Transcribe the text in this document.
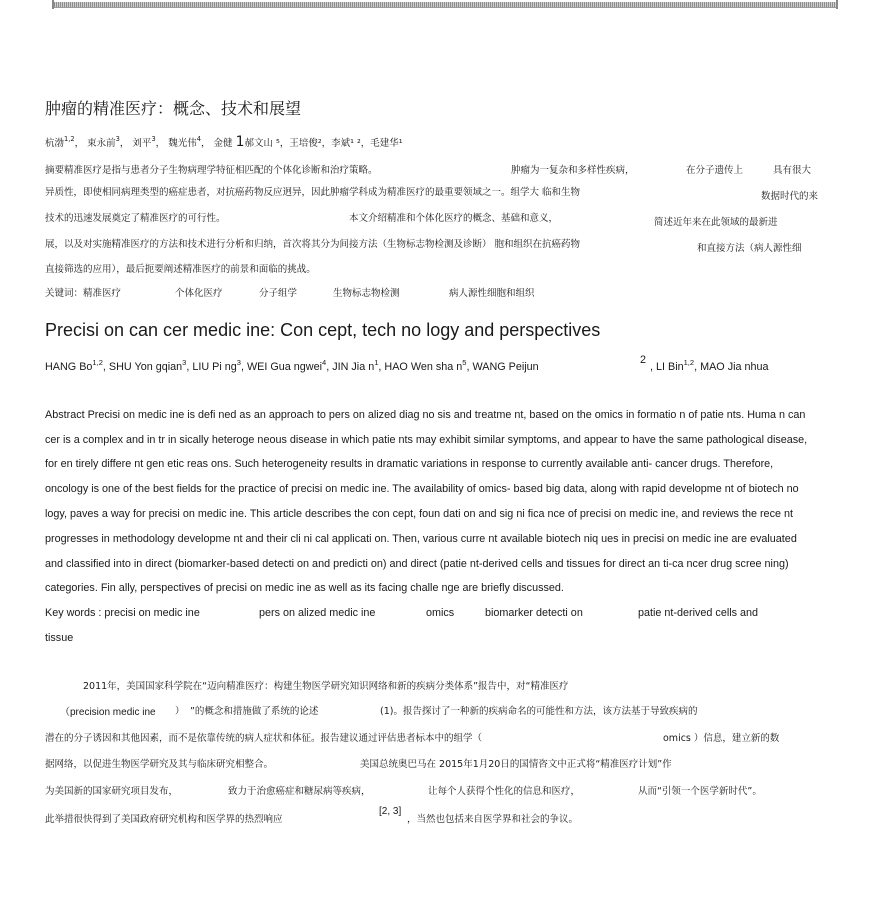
肿瘤的精准医疗：概念、技术和展望
杭渤$^{1,2}$， 束永前$^3$， 刘平$^3$， 魏光伟$^4$， 金健 1郝文山 ⁵，王培俊²，李斌¹ ²，毛建华¹
摘要精准医疗是指与患者分子生物病理学特征相匹配的个体化诊断和治疗策略。	肿瘤为一复杂和多样性疾病，	在分子遗传上	具有很大
异质性，即使相同病理类型的癌症患者，对抗癌药物反应迥异，因此肿瘤学科成为精准医疗的最重要领域之一。组学大 临和生物	数据时代的来
技术的迅速发展奠定了精准医疗的可行性。	本文介绍精准和个体化医疗的概念、基础和意义，	简述近年来在此领域的最新进
展，以及对实施精准医疗的方法和技术进行分析和归纳，首次将其分为间接方法（生物标志物检测及诊断） 胞和组织在抗癌药物	和直接方法（病人源性细
直接筛选的应用），最后扼要阐述精准医疗的前景和面临的挑战。
关键词：精准医疗	个体化医疗	分子组学	生物标志物检测	病人源性细胞和组织
Precisi on can cer medic ine: Con cept, tech no logy and perspectives
HANG Bo$^{1,2}$, SHU Yon gqian$^3$, LIU Pi $ng^3$, WEI Gua ngwei$^4$, JIN Jia $n^1$, HAO Wen sha $n^5$, WANG Peijun
2
, LI Bin$^{1,2}$, MAO Jia nhua
Abstract Precisi on medic ine is defi ned as an approach to pers on alized diag no sis and treatme nt, based on the omics in formatio n of patie nts. Huma n can
cer is a complex and in tr in sically heteroge neous disease in which patie nts may exhibit similar symptoms, and appear to have the same pathological disease,
for en tirely differe nt gen etic reas ons. Such heterogeneity results in dramatic variations in response to currently available anti- cancer drugs. Therefore,
oncology is one of the best fields for the practice of precisi on medic ine. The availability of omics- based big data, along with rapid developme nt of biotech no
logy, paves a way for precisi on medic ine. This article describes the con cept, foun dati on and sig ni fica nce of precisi on medic ine, and reviews the rece nt
progresses in methodology developme nt and their cli ni cal applicati on. Then, various curre nt available biotech niq ues in precisi on medic ine are evaluated
and classified into in direct (biomarker-based detecti on and predicti on) and direct (patie nt-derived cells and tissues for direct an ti-ca ncer drug scree ning)
categories. Fin ally, perspectives of precisi on medic ine as well as its facing challe nge are briefly discussed.
Key words : precisi on medic ine	pers on alized medic ine	omics	biomarker detecti on	patie nt-derived cells and
tissue
2011年，美国国家科学院在“迈向精准医疗：构建生物医学研究知识网络和新的疾病分类体系”报告中，对“精准医疗
（precision medic ine ） ”的概念和措施做了系统的论述	(1)。报告探讨了一种新的疾病命名的可能性和方法，该方法基于导致疾病的
潜在的分子诱因和其他因素，而不是依靠传统的病人症状和体征。报告建议通过评估患者标本中的组学（	omics ）信息，建立新的数
据网络，以促进生物医学研究及其与临床研究相整合。	美国总统奥巴马在 2015年1月20日的国情咨文中正式将“精准医疗计划”作
为美国新的国家研究项目发布，	致力于治愈癌症和糖尿病等疾病，	让每个人获得个性化的信息和医疗，	从而“引领一个医学新时代”。
此举措很快得到了美国政府研究机构和医学界的热烈响应
[2, 3]
，当然也包括来自医学界和社会的争议。
